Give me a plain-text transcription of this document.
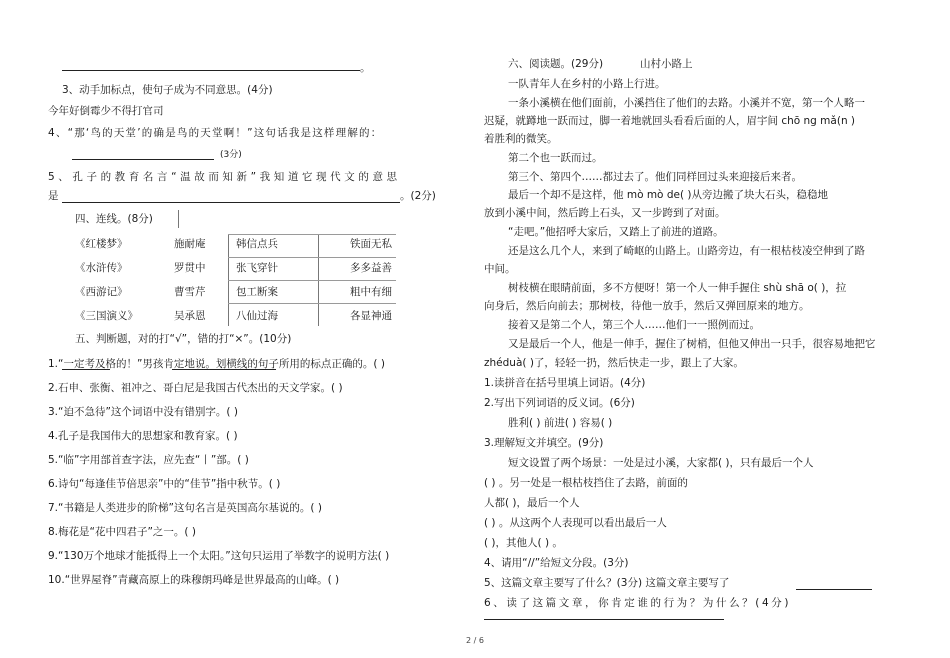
。
3、动手加标点，使句子成为不同意思。(4分)
今年好倒霉少不得打官司
4、“那‘鸟的天堂’的确是鸟的天堂啊！”这句话我是这样理解的：
(3分)
5、孔子的教育名言“温故而知新”我知道它现代文的意思
是	。(2分)
四、连线。(8分)
《红楼梦》	施耐庵	韩信点兵	铁面无私
《水浒传》	罗贯中	张飞穿针	多多益善
《西游记》	曹雪芹	包工断案	粗中有细
《三国演义》	吴承恩	八仙过海	各显神通
五、判断题，对的打“√”，错的打“×”。(10分)
1.“一定考及格的！”男孩肯定地说。划横线的句子所用的标点正确的。( )
2.石申、张衡、祖冲之、哥白尼是我国古代杰出的天文学家。( )
3.“迫不急待”这个词语中没有错别字。( )
4.孔子是我国伟大的思想家和教育家。( )
5.“临”字用部首查字法，应先查“丨”部。( )
6.诗句“每逢佳节倍思亲”中的“佳节”指中秋节。( )
7.“书籍是人类进步的阶梯”这句名言是英国高尔基说的。( )
8.梅花是“花中四君子”之一。( )
9.“130万个地球才能抵得上一个太阳。”这句只运用了举数字的说明方法( )
10.“世界屋脊”青藏高原上的珠穆朗玛峰是世界最高的山峰。( )
六、阅读题。(29分)	山村小路上
一队青年人在乡村的小路上行进。
一条小溪横在他们面前，小溪挡住了他们的去路。小溪并不宽，第一个人略一
迟疑，就蹲地一跃而过，脚一着地就回头看看后面的人，眉宇间 chō ng mǎ(n )
着胜利的微笑。
第二个也一跃而过。
第三个、第四个……都过去了。他们同样回过头来迎接后来者。
最后一个却不是这样，他 mò mò de( )从旁边搬了块大石头，稳稳地
放到小溪中间，然后跨上石头，又一步跨到了对面。
“走吧。”他招呼大家后，又踏上了前进的道路。
还是这么几个人，来到了崎岖的山路上。山路旁边，有一根枯枝凌空伸到了路
中间。
树枝横在眼睛前面，多不方便呀！第一个人一伸手握住 shù shā o( )，拉
向身后，然后向前去；那树枝，待他一放手，然后又弹回原来的地方。
接着又是第二个人，第三个人……他们一一照例而过。
又是最后一个人，他是一伸手，握住了树梢，但他又伸出一只手，很容易地把它
zhéduà( )了，轻轻一扔，然后快走一步，跟上了大家。
1.读拼音在括号里填上词语。(4分)
2.写出下列词语的反义词。(6分)
胜利( ) 前进( ) 容易( )
3.理解短文并填空。(9分)
短文设置了两个场景：一处是过小溪，大家都( )，只有最后一个人
( ) 。另一处是一根枯枝挡住了去路，前面的
人都( )，最后一个人
( ) 。从这两个人表现可以看出最后一人
( )，其他人( ) 。
4、请用“//”给短文分段。(3分)
5、这篇文章主要写了什么？(3分) 这篇文章主要写了
6、读了这篇文章，你肯定谁的行为？为什么？(4分)
2 / 6
